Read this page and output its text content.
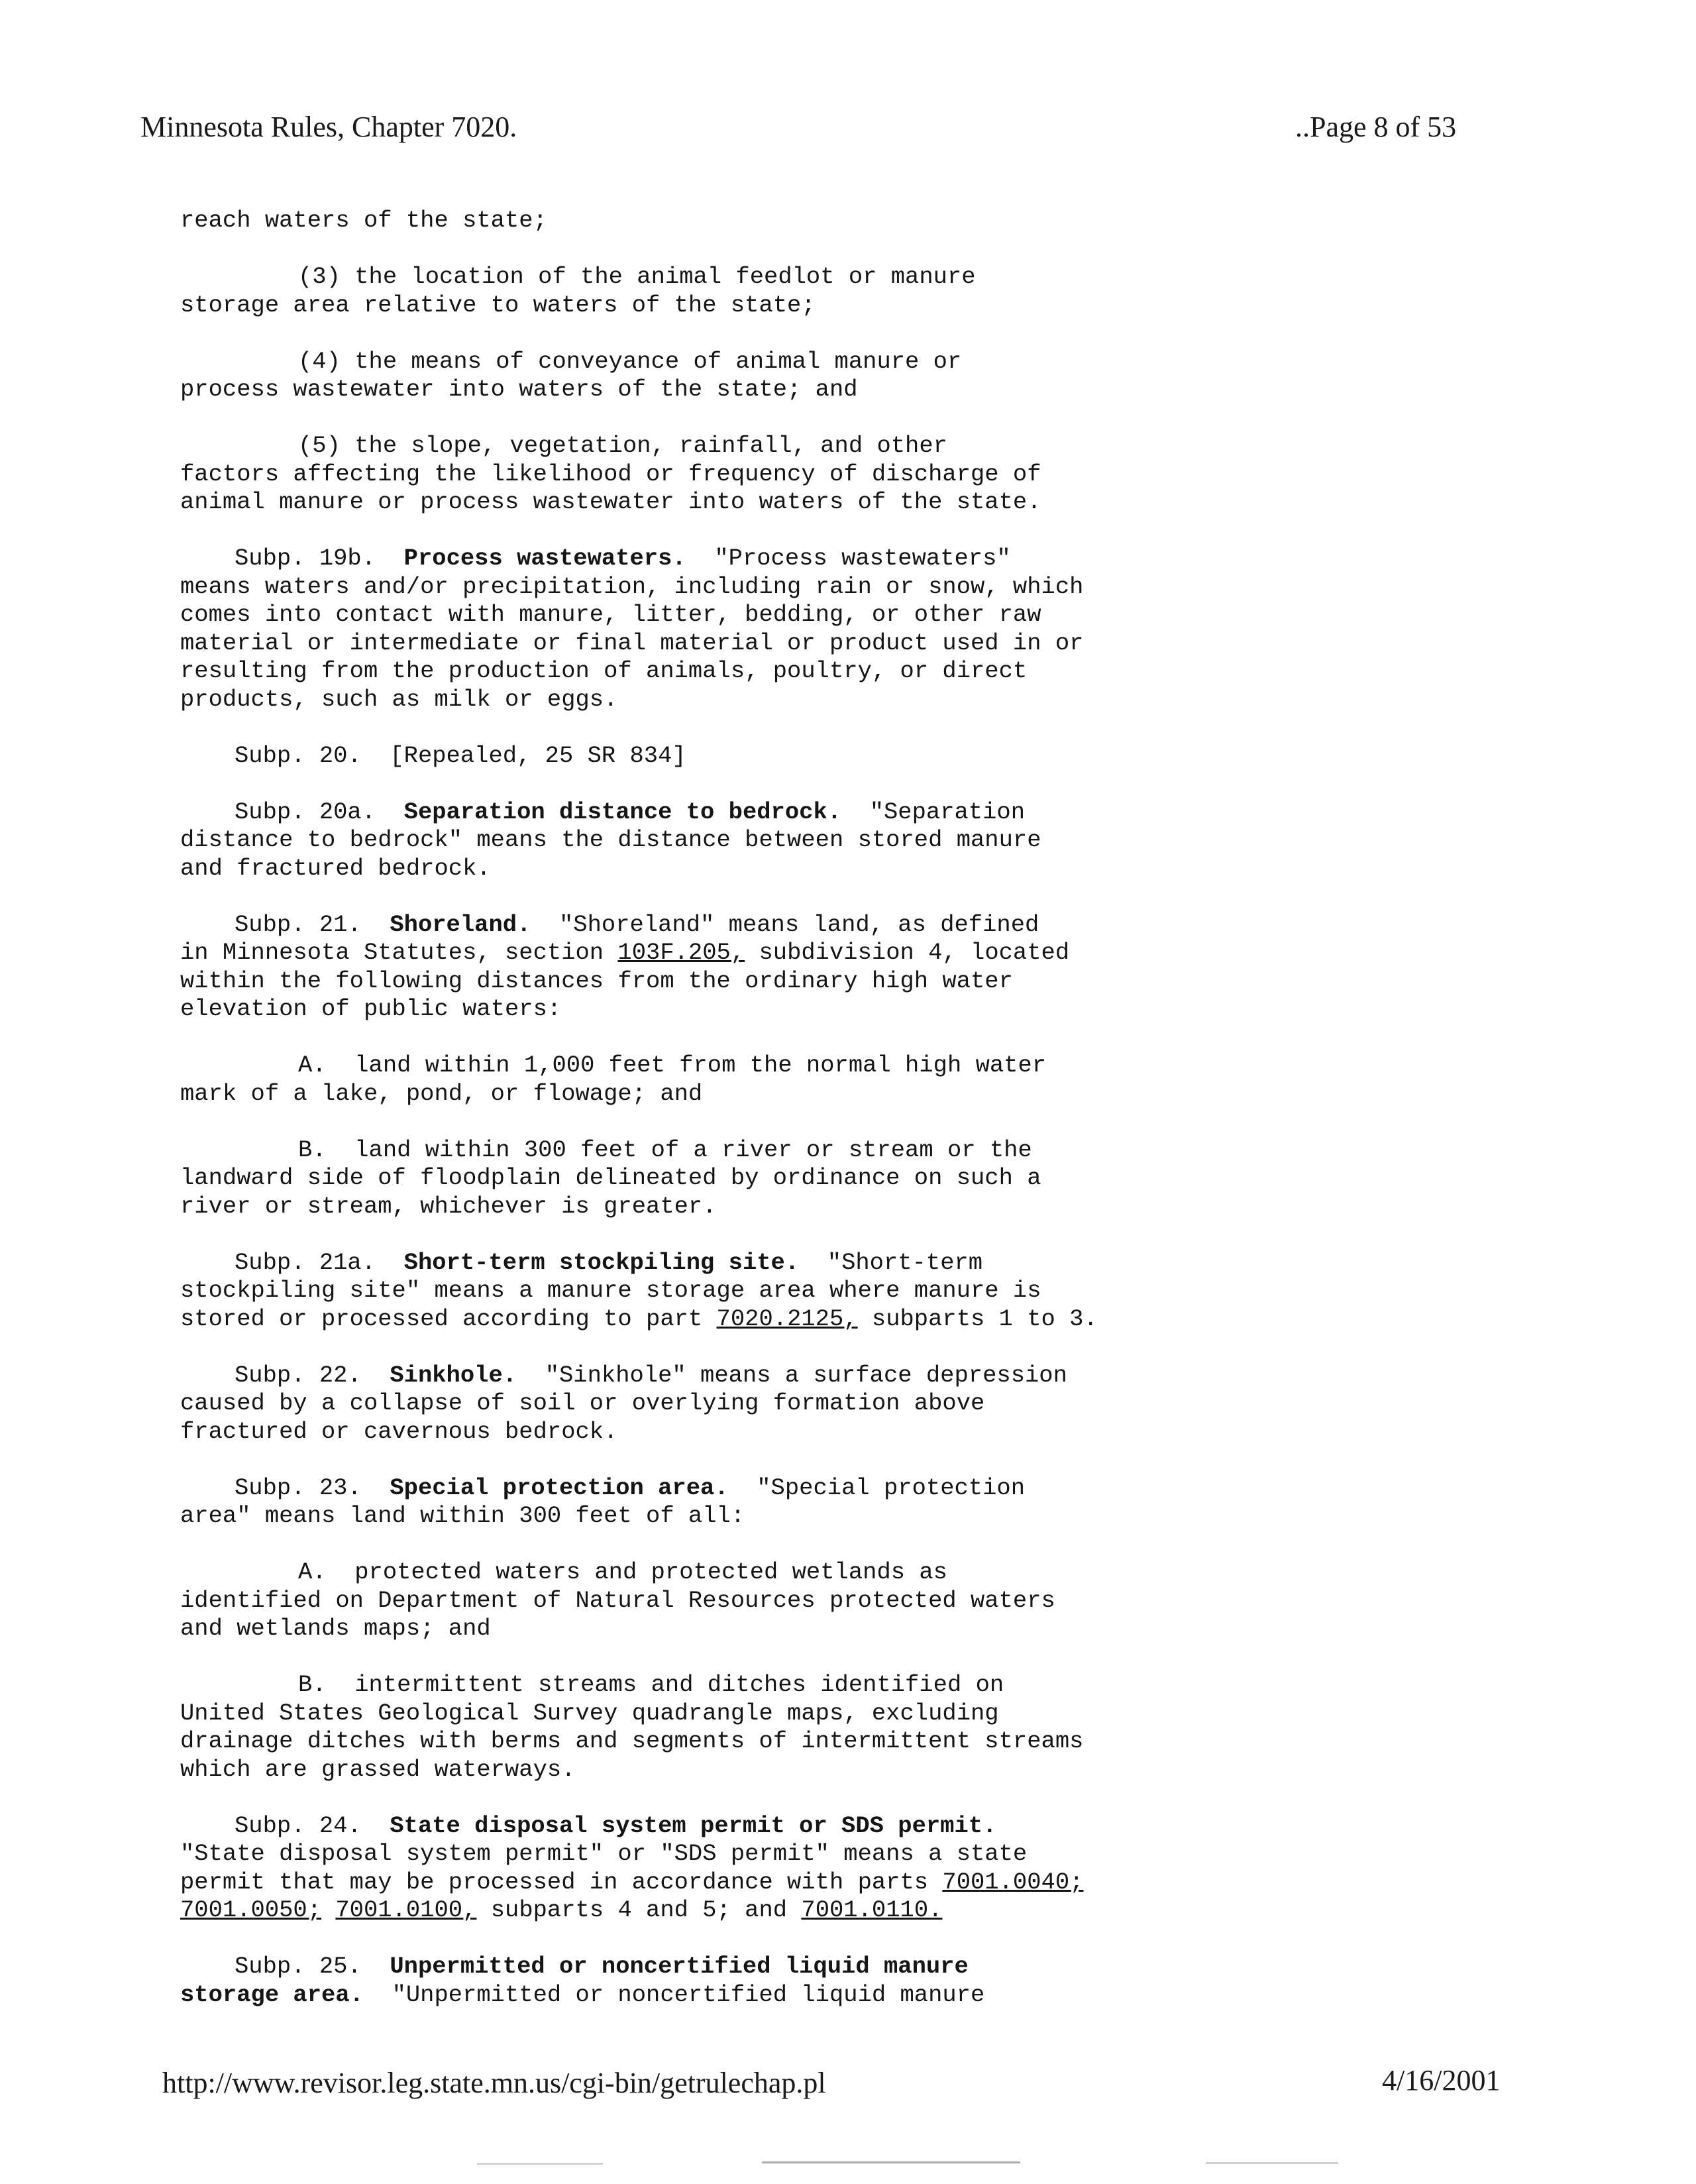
Minnesota Rules, Chapter 7020.	..Page 8 of 53

reach waters of the state;

(3) the location of the animal feedlot or manure

storage area relative to waters of the state;

(4) the means of conveyance of animal manure or

process wastewater into waters of the state; and

(5) the slope, vegetation, rainfall, and other

factors affecting the likelihood or frequency of discharge of

animal manure or process wastewater into waters of the state.

Subp. 19b. Process wastewaters. "Process wastewaters"

means waters and/or precipitation, including rain or snow, which

comes into contact with manure, litter, bedding, or other raw

material or intermediate or final material or product used in or

resulting from the production of animals, poultry, or direct

products, such as milk or eggs.

Subp. 20.  [Repealed, 25 SR 834]

Subp. 20a. Separation distance to bedrock. "Separation

distance to bedrock" means the distance between stored manure

and fractured bedrock.

Subp. 21. Shoreland. "Shoreland" means land, as defined

in Minnesota Statutes, section 103F.205, subdivision 4, located

within the following distances from the ordinary high water

elevation of public waters:

A.  land within 1,000 feet from the normal high water

mark of a lake, pond, or flowage; and

B.  land within 300 feet of a river or stream or the

landward side of floodplain delineated by ordinance on such a

river or stream, whichever is greater.

Subp. 21a. Short-term stockpiling site. "Short-term

stockpiling site" means a manure storage area where manure is

stored or processed according to part 7020.2125, subparts 1 to 3.

Subp. 22. Sinkhole. "Sinkhole" means a surface depression

caused by a collapse of soil or overlying formation above

fractured or cavernous bedrock.

Subp. 23. Special protection area. "Special protection

area" means land within 300 feet of all:

A.  protected waters and protected wetlands as

identified on Department of Natural Resources protected waters

and wetlands maps; and

B.  intermittent streams and ditches identified on

United States Geological Survey quadrangle maps, excluding

drainage ditches with berms and segments of intermittent streams

which are grassed waterways.

Subp. 24. State disposal system permit or SDS permit.

"State disposal system permit" or "SDS permit" means a state

permit that may be processed in accordance with parts 7001.0040;

7001.0050; 7001.0100, subparts 4 and 5; and 7001.0110.

Subp. 25. Unpermitted or noncertified liquid manure

storage area. "Unpermitted or noncertified liquid manure

http://www.revisor.leg.state.mn.us/cgi-bin/getrulechap.pl	4/16/2001
